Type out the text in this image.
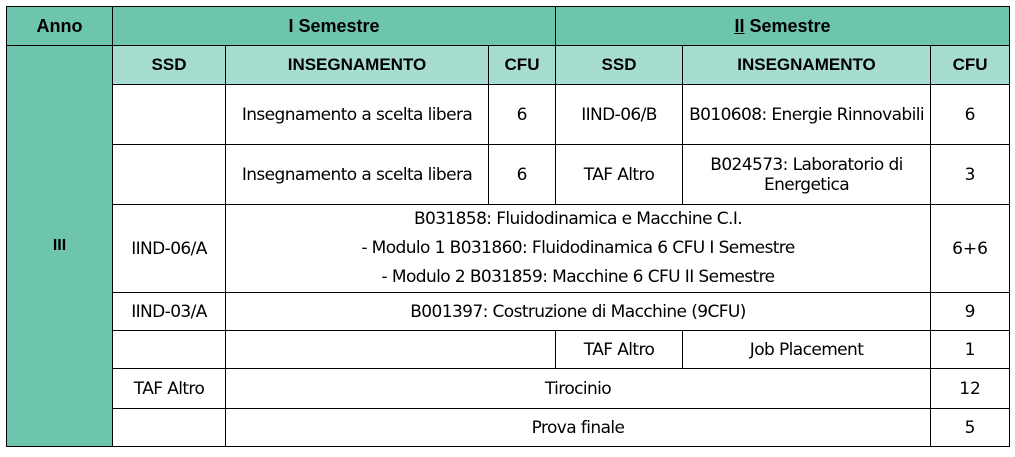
Anno	I Semestre			II Semestre		
III	SSD	INSEGNAMENTO	CFU	SSD	INSEGNAMENTO	CFU
		Insegnamento a scelta libera	6	IIND-06/B	B010608: Energie Rinnovabili	6
		Insegnamento a scelta libera	6	TAF Altro	B024573: Laboratorio di Energetica	3
	IIND-06/A	B031858: Fluidodinamica e Macchine C.I.
- Modulo 1 B031860: Fluidodinamica 6 CFU I Semestre
- Modulo 2 B031859: Macchine 6 CFU II Semestre				6+6
	IIND-03/A	B001397: Costruzione di Macchine (9CFU)				9
				TAF Altro	Job Placement	1
	TAF Altro	Tirocinio				12
		Prova finale				5
